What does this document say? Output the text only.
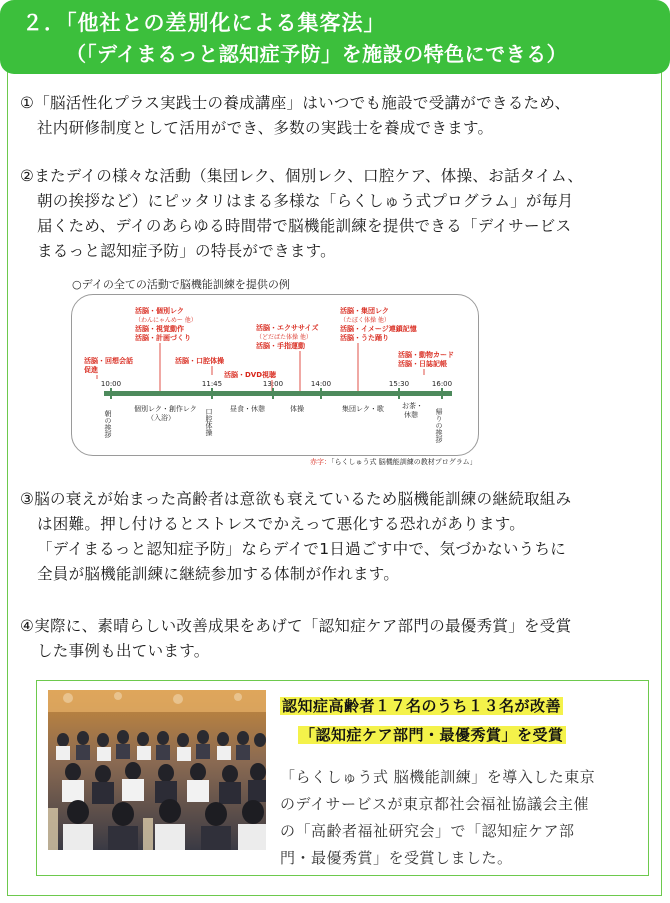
２．「他社との差別化による集客法」
（「デイまるっと認知症予防」を施設の特色にできる）
①「脳活性化プラス実践士の養成講座」はいつでも施設で受講ができるため、
社内研修制度として活用ができ、多数の実践士を養成できます。
②またデイの様々な活動（集団レク、個別レク、口腔ケア、体操、お話タイム、
朝の挨拶など）にピッタリはまる多様な「らくしゅう式プログラム」が毎月
届くため、デイのあらゆる時間帯で脳機能訓練を提供できる「デイサービス
まるっと認知症予防」の特長ができます。
○デイの全ての活動で脳機能訓練を提供の例
活脳・回想会話
促進
活脳・個別レク
（わんにゃんめー 他）
活脳・視覚動作
活脳・計画づくり
活脳・口腔体操
活脳・DVD視聴
活脳・エクササイズ
（どだばた体操 他）
活脳・手指運動
活脳・集団レク
（たぼく体操 他）
活脳・イメージ連鎖記憶
活脳・うた踊り
活脳・動物カード
活脳・日誌記帳
10:00	11:45	13:00	14:00	15:30	16:00
朝の挨拶
個別レク・創作レク
（入浴）	口腔体操 昼食・休憩	体操	集団レク・歌	お茶・
休憩 帰りの挨拶
赤字：「らくしゅう式 脳機能訓練の教材プログラム」
③脳の衰えが始まった高齢者は意欲も衰えているため脳機能訓練の継続取組み
は困難。押し付けるとストレスでかえって悪化する恐れがあります。
「デイまるっと認知症予防」ならデイで1日過ごす中で、気づかないうちに
全員が脳機能訓練に継続参加する体制が作れます。
④実際に、素晴らしい改善成果をあげて「認知症ケア部門の最優秀賞」を受賞
した事例も出ています。
認知症高齢者１７名のうち１３名が改善
「認知症ケア部門・最優秀賞」を受賞
「らくしゅう式 脳機能訓練」を導入した東京
のデイサービスが東京都社会福祉協議会主催
の「高齢者福祉研究会」で「認知症ケア部
門・最優秀賞」を受賞しました。
